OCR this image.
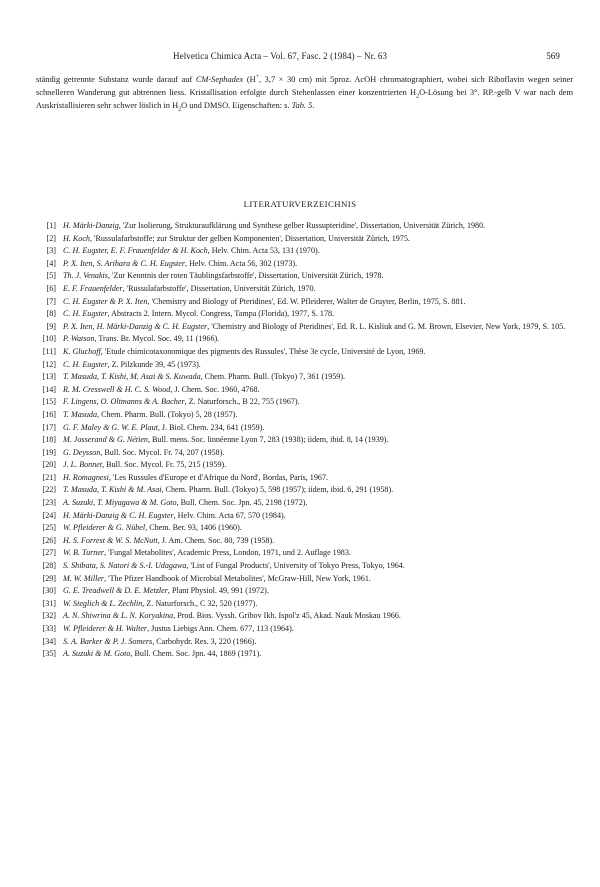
Helvetica Chimica Acta – Vol. 67, Fasc. 2 (1984) – Nr. 63	569

ständig getrennte Substanz wurde darauf auf CM-Sephadex (H+, 3,7 × 30 cm) mit 5proz. AcOH chromatographiert, wobei sich Riboflavin wegen seiner schnelleren Wanderung gut abtrennen liess. Kristallisation erfolgte durch Stehenlassen einer konzentrierten $H_2O$-Lösung bei 3°. RP.-gelb V war nach dem Auskristallisieren sehr schwer löslich in $H_2O$ und DMSO. Eigenschaften: s. Tab. 5.

LITERATURVERZEICHNIS
[1] H. Märki-Danzig, 'Zur Isolierung, Strukturaufklärung und Synthese gelber Russupteridine', Dissertation, Universität Zürich, 1980.
[2] H. Koch, 'Russulafarbstoffe; zur Struktur der gelben Komponenten', Dissertation, Universität Zürich, 1975.
[3] C. H. Eugster, E. F. Frauenfelder & H. Koch, Helv. Chim. Acta 53, 131 (1970).
[4] P. X. Iten, S. Arihara & C. H. Eugster, Helv. Chim. Acta 56, 302 (1973).
[5] Th. J. Venakis, 'Zur Kenntnis der roten Täublingsfarbstoffe', Dissertation, Universität Zürich, 1978.
[6] E. F. Frauenfelder, 'Russulafarbstoffe', Dissertation, Universität Zürich, 1970.
[7] C. H. Eugster & P. X. Iten, 'Chemistry and Biology of Pteridines', Ed. W. Pfleiderer, Walter de Gruyter, Berlin, 1975, S. 881.
[8] C. H. Eugster, Abstracts 2. Intern. Mycol. Congress, Tampa (Florida), 1977, S. 178.
[9] P. X. Iten, H. Märki-Danzig & C. H. Eugster, 'Chemistry and Biology of Pteridines', Ed. R. L. Kisliuk and G. M. Brown, Elsevier, New York, 1979, S. 105.
[10] P. Watson, Trans. Br. Mycol. Soc. 49, 11 (1966).
[11] K. Gluchoff, 'Etude chimicotaxonomique des pigments des Russules', Thèse 3e cycle, Université de Lyon, 1969.
[12] C. H. Eugster, Z. Pilzkunde 39, 45 (1973).
[13] T. Masuda, T. Kishi, M. Asai & S. Kuwada, Chem. Pharm. Bull. (Tokyo) 7, 361 (1959).
[14] R. M. Cresswell & H. C. S. Wood, J. Chem. Soc. 1960, 4768.
[15] F. Lingens, O. Oltmanns & A. Bacher, Z. Naturforsch., B 22, 755 (1967).
[16] T. Masuda, Chem. Pharm. Bull. (Tokyo) 5, 28 (1957).
[17] G. F. Maley & G. W. E. Plaut, J. Biol. Chem. 234, 641 (1959).
[18] M. Josserand & G. Nétien, Bull. mens. Soc. linnéenne Lyon 7, 283 (1938); iidem, ibid. 8, 14 (1939).
[19] G. Deysson, Bull. Soc. Mycol. Fr. 74, 207 (1958).
[20] J. L. Bonnet, Bull. Soc. Mycol. Fr. 75, 215 (1959).
[21] H. Romagnesi, 'Les Russules d'Europe et d'Afrique du Nord', Bordas, Paris, 1967.
[22] T. Masuda, T. Kishi & M. Asai, Chem. Pharm. Bull. (Tokyo) 5, 598 (1957); iidem, ibid. 6, 291 (1958).
[23] A. Suzuki, T. Miyagawa & M. Goto, Bull. Chem. Soc. Jpn. 45, 2198 (1972).
[24] H. Märki-Danzig & C. H. Eugster, Helv. Chim. Acta 67, 570 (1984).
[25] W. Pfleiderer & G. Nübel, Chem. Ber. 93, 1406 (1960).
[26] H. S. Forrest & W. S. McNutt, J. Am. Chem. Soc. 80, 739 (1958).
[27] W. B. Turner, 'Fungal Metabolites', Academic Press, London, 1971, und 2. Auflage 1983.
[28] S. Shibata, S. Natori & S.-I. Udagawa, 'List of Fungal Products', University of Tokyo Press, Tokyo, 1964.
[29] M. W. Miller, 'The Pfizer Handbook of Microbial Metabolites', McGraw-Hill, New York, 1961.
[30] G. E. Treadwell & D. E. Metzler, Plant Physiol. 49, 991 (1972).
[31] W. Steglich & L. Zechlin, Z. Naturforsch., C 32, 520 (1977).
[32] A. N. Shiwrina & L. N. Koryakina, Prod. Bios. Vyssh. Gribov Ikh. Ispol'z 45, Akad. Nauk Moskau 1966.
[33] W. Pfleiderer & H. Walter, Justus Liebigs Ann. Chem. 677, 113 (1964).
[34] S. A. Barker & P. J. Somers, Carbohydr. Res. 3, 220 (1966).
[35] A. Suzuki & M. Goto, Bull. Chem. Soc. Jpn. 44, 1869 (1971).
